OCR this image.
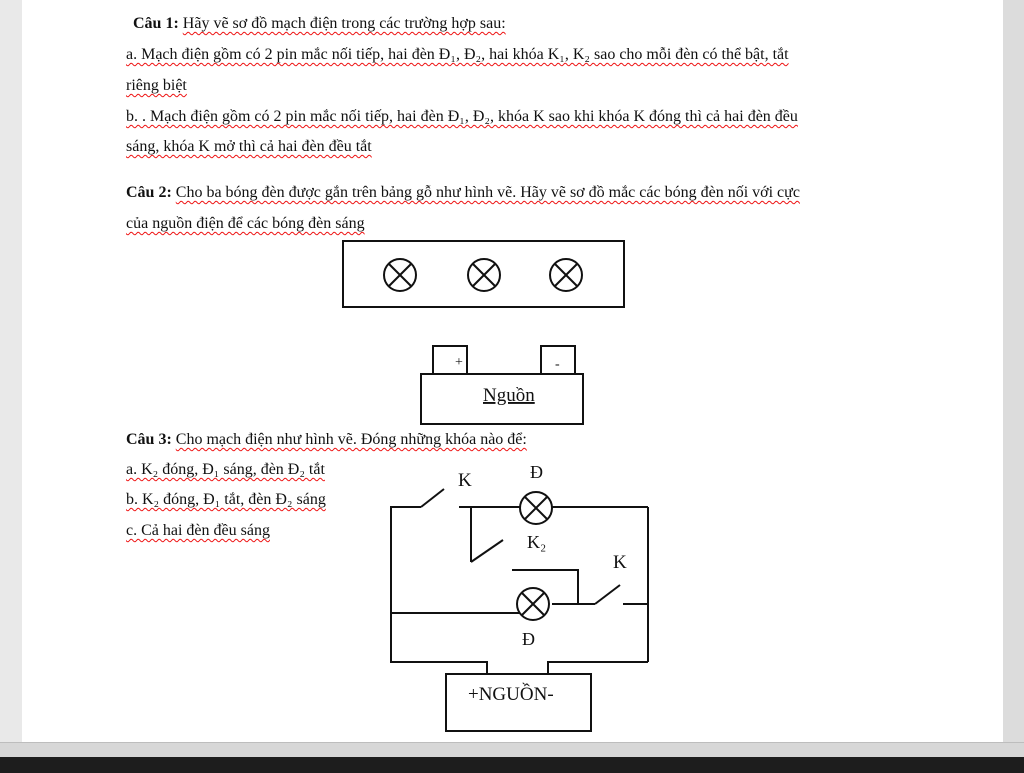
Câu 1: Hãy vẽ sơ đồ mạch điện trong các trường hợp sau:
a. Mạch điện gồm có 2 pin mắc nối tiếp, hai đèn Đ₁, Đ₂, hai khóa K₁, K₂ sao cho mỗi đèn có thể bật, tắt
riêng biệt
b. . Mạch điện gồm có 2 pin mắc nối tiếp, hai đèn Đ₁, Đ₂, khóa K sao khi khóa K đóng thì cả hai đèn đều
sáng, khóa K mở thì cả hai đèn đều tắt
Câu 2: Cho ba bóng đèn được gắn trên bảng gỗ như hình vẽ. Hãy vẽ sơ đồ mắc các bóng đèn nối với cực
của nguồn điện để các bóng đèn sáng
Câu 3: Cho mạch điện như hình vẽ. Đóng những khóa nào để:
a. K₂ đóng, Đ₁ sáng, đèn Đ₂ tắt
b. K₂ đóng, Đ₁ tắt, đèn Đ₂ sáng
c. Cả hai đèn đều sáng
+	-
Nguồn
K	Đ
K₂
K
Đ
+NGUỒN-
